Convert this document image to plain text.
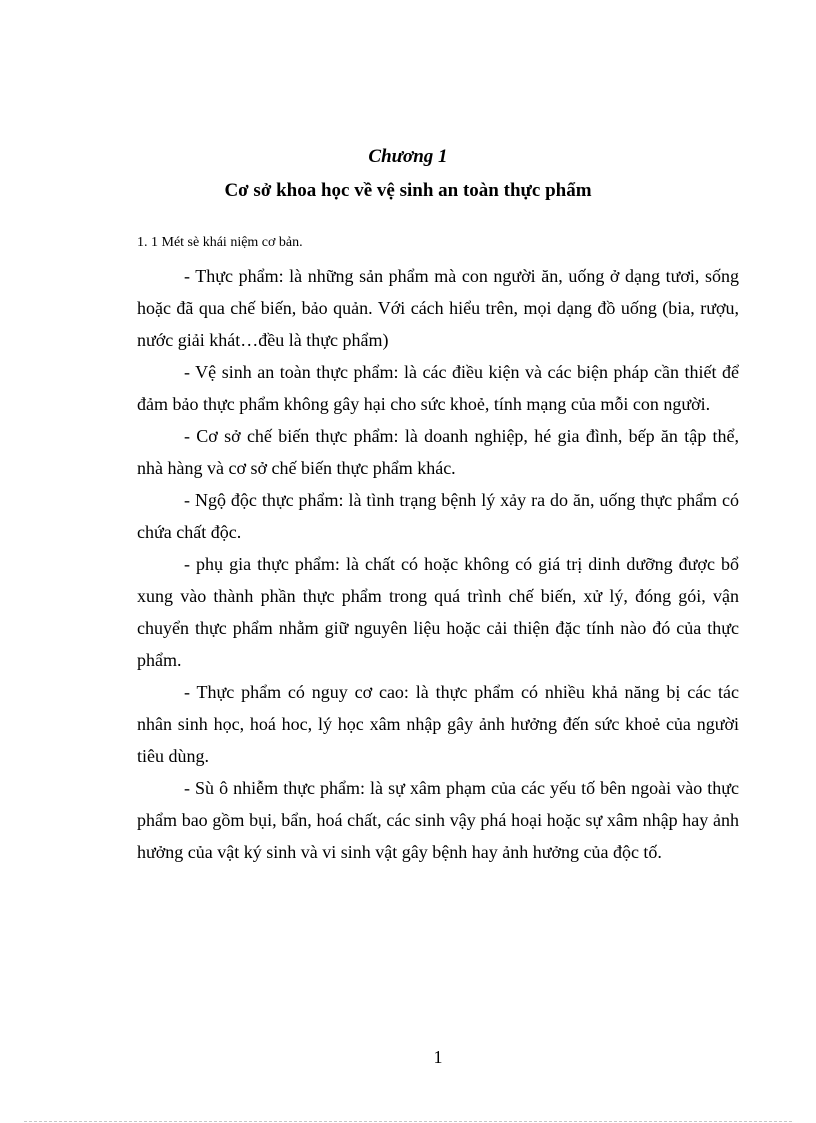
Chương 1
Cơ sở khoa học về vệ sinh an toàn thực phẩm
1. 1 Mét sè khái niệm cơ bản.

- Thực phẩm: là những sản phẩm mà con người ăn, uống ở dạng tươi, sống hoặc đã qua chế biến, bảo quản. Với cách hiểu trên, mọi dạng đồ uống (bia, rượu, nước giải khát…đều là thực phẩm)

- Vệ sinh an toàn thực phẩm: là các điều kiện và các biện pháp cần thiết để đảm bảo thực phẩm không gây hại cho sức khoẻ, tính mạng của mỗi con người.

- Cơ sở chế biến thực phẩm: là doanh nghiệp, hé gia đình, bếp ăn tập thể, nhà hàng và cơ sở chế biến thực phẩm khác.

- Ngộ độc thực phẩm: là tình trạng bệnh lý xảy ra do ăn, uống thực phẩm có chứa chất độc.

- phụ gia thực phẩm: là chất có hoặc không có giá trị dinh dưỡng được bổ xung vào thành phần thực phẩm trong quá trình chế biến, xử lý, đóng gói, vận chuyển thực phẩm nhằm giữ nguyên liệu hoặc cải thiện đặc tính nào đó của thực phẩm.

- Thực phẩm có nguy cơ cao: là thực phẩm có nhiều khả năng bị các tác nhân sinh học, hoá hoc, lý học xâm nhập gây ảnh hưởng đến sức khoẻ của người tiêu dùng.

- Sù ô nhiễm thực phẩm: là sự xâm phạm của các yếu tố bên ngoài vào thực phẩm bao gồm bụi, bẩn, hoá chất, các sinh vậy phá hoại hoặc sự xâm nhập hay ảnh hưởng của vật ký sinh và vi sinh vật gây bệnh hay ảnh hưởng của độc tố.

1
